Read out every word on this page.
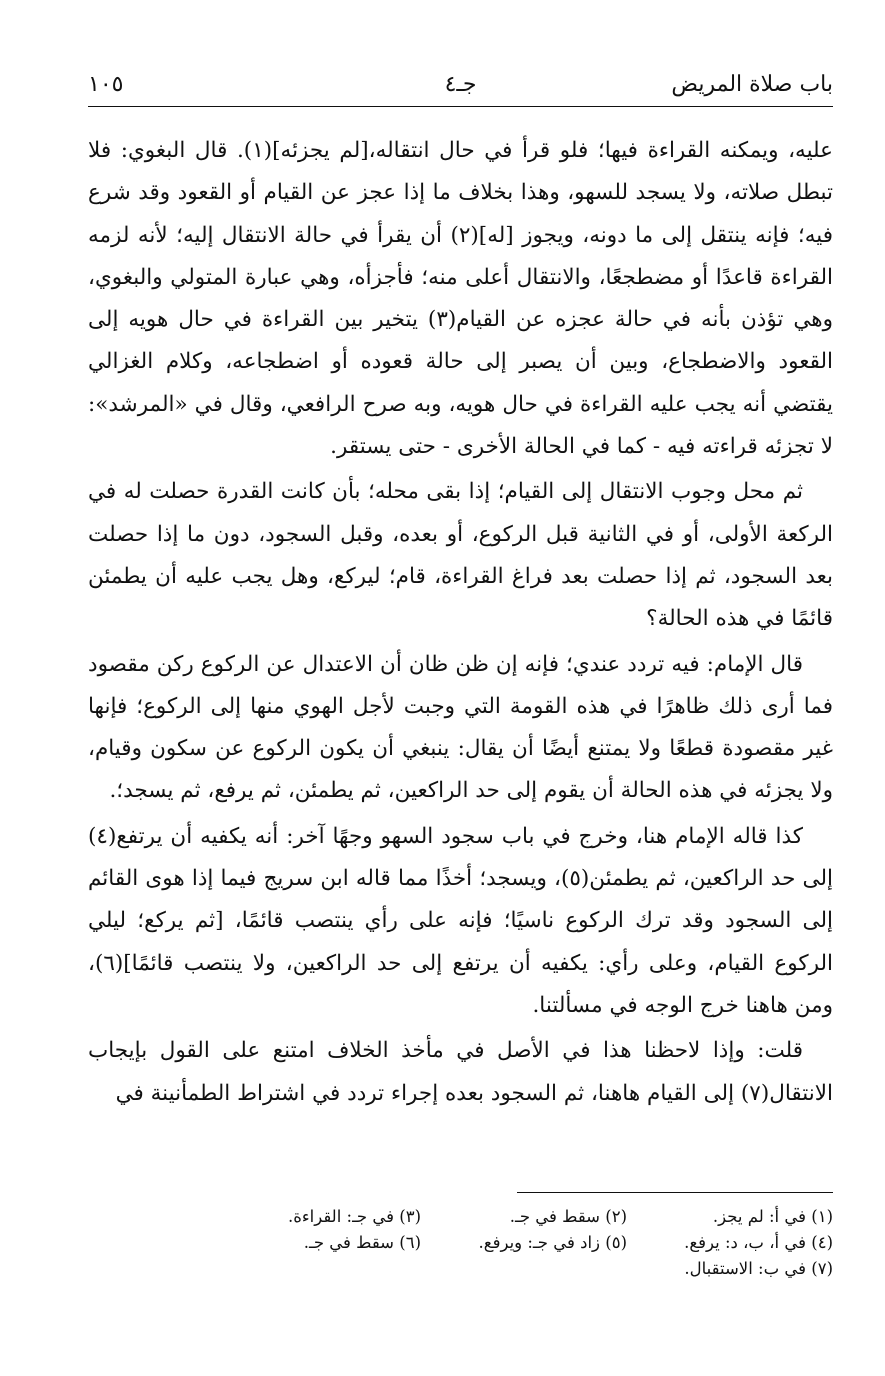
باب صلاة المريض
جـ٤
١٠٥

عليه، ويمكنه القراءة فيها؛ فلو قرأ في حال انتقاله،[لم يجزئه](١). قال البغوي: فلا تبطل صلاته، ولا يسجد للسهو، وهذا بخلاف ما إذا عجز عن القيام أو القعود وقد شرع فيه؛ فإنه ينتقل إلى ما دونه، ويجوز [له](٢) أن يقرأ في حالة الانتقال إليه؛ لأنه لزمه القراءة قاعدًا أو مضطجعًا، والانتقال أعلى منه؛ فأجزأه، وهي عبارة المتولي والبغوي، وهي تؤذن بأنه في حالة عجزه عن القيام(٣) يتخير بين القراءة في حال هويه إلى القعود والاضطجاع، وبين أن يصبر إلى حالة قعوده أو اضطجاعه، وكلام الغزالي يقتضي أنه يجب عليه القراءة في حال هويه، وبه صرح الرافعي، وقال في «المرشد»: لا تجزئه قراءته فيه - كما في الحالة الأخرى - حتى يستقر.

ثم محل وجوب الانتقال إلى القيام؛ إذا بقى محله؛ بأن كانت القدرة حصلت له في الركعة الأولى، أو في الثانية قبل الركوع، أو بعده، وقبل السجود، دون ما إذا حصلت بعد السجود، ثم إذا حصلت بعد فراغ القراءة، قام؛ ليركع، وهل يجب عليه أن يطمئن قائمًا في هذه الحالة؟

قال الإمام: فيه تردد عندي؛ فإنه إن ظن ظان أن الاعتدال عن الركوع ركن مقصود فما أرى ذلك ظاهرًا في هذه القومة التي وجبت لأجل الهوي منها إلى الركوع؛ فإنها غير مقصودة قطعًا ولا يمتنع أيضًا أن يقال: ينبغي أن يكون الركوع عن سكون وقيام، ولا يجزئه في هذه الحالة أن يقوم إلى حد الراكعين، ثم يطمئن، ثم يرفع، ثم يسجد؛.

كذا قاله الإمام هنا، وخرج في باب سجود السهو وجهًا آخر: أنه يكفيه أن يرتفع(٤) إلى حد الراكعين، ثم يطمئن(٥)، ويسجد؛ أخذًا مما قاله ابن سريج فيما إذا هوى القائم إلى السجود وقد ترك الركوع ناسيًا؛ فإنه على رأي ينتصب قائمًا، [ثم يركع؛ ليلي الركوع القيام، وعلى رأي: يكفيه أن يرتفع إلى حد الراكعين، ولا ينتصب قائمًا](٦)، ومن هاهنا خرج الوجه في مسألتنا.

قلت: وإذا لاحظنا هذا في الأصل في مأخذ الخلاف امتنع على القول بإيجاب الانتقال(٧) إلى القيام هاهنا، ثم السجود بعده إجراء تردد في اشتراط الطمأنينة في

(١) في أ: لم يجز.
(٢) سقط في جـ.
(٣) في جـ: القراءة.
(٤) في أ، ب، د: يرفع.
(٥) زاد في جـ: ويرفع.
(٦) سقط في جـ.
(٧) في ب: الاستقبال.
